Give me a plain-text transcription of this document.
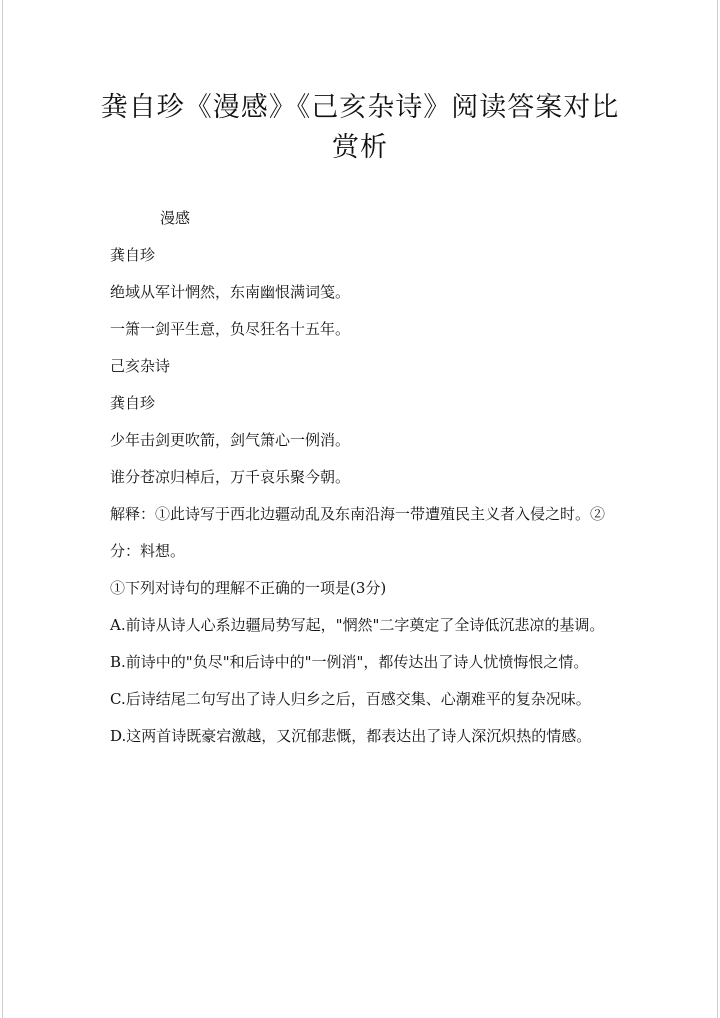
龚自珍《漫感》《己亥杂诗》阅读答案对比
赏析
漫感
龚自珍
绝域从军计惘然，东南幽恨满词笺。
一箫一剑平生意，负尽狂名十五年。
己亥杂诗
龚自珍
少年击剑更吹箭，剑气箫心一例消。
谁分苍凉归棹后，万千哀乐聚今朝。

解释：①此诗写于西北边疆动乱及东南沿海一带遭殖民主义者入侵之时。②分：料想。

①下列对诗句的理解不正确的一项是(3分)

A.前诗从诗人心系边疆局势写起，"惘然"二字奠定了全诗低沉悲凉的基调。

B.前诗中的"负尽"和后诗中的"一例消"，都传达出了诗人忧愤悔恨之情。

C.后诗结尾二句写出了诗人归乡之后，百感交集、心潮难平的复杂况味。

D.这两首诗既豪宕激越，又沉郁悲慨，都表达出了诗人深沉炽热的情感。
